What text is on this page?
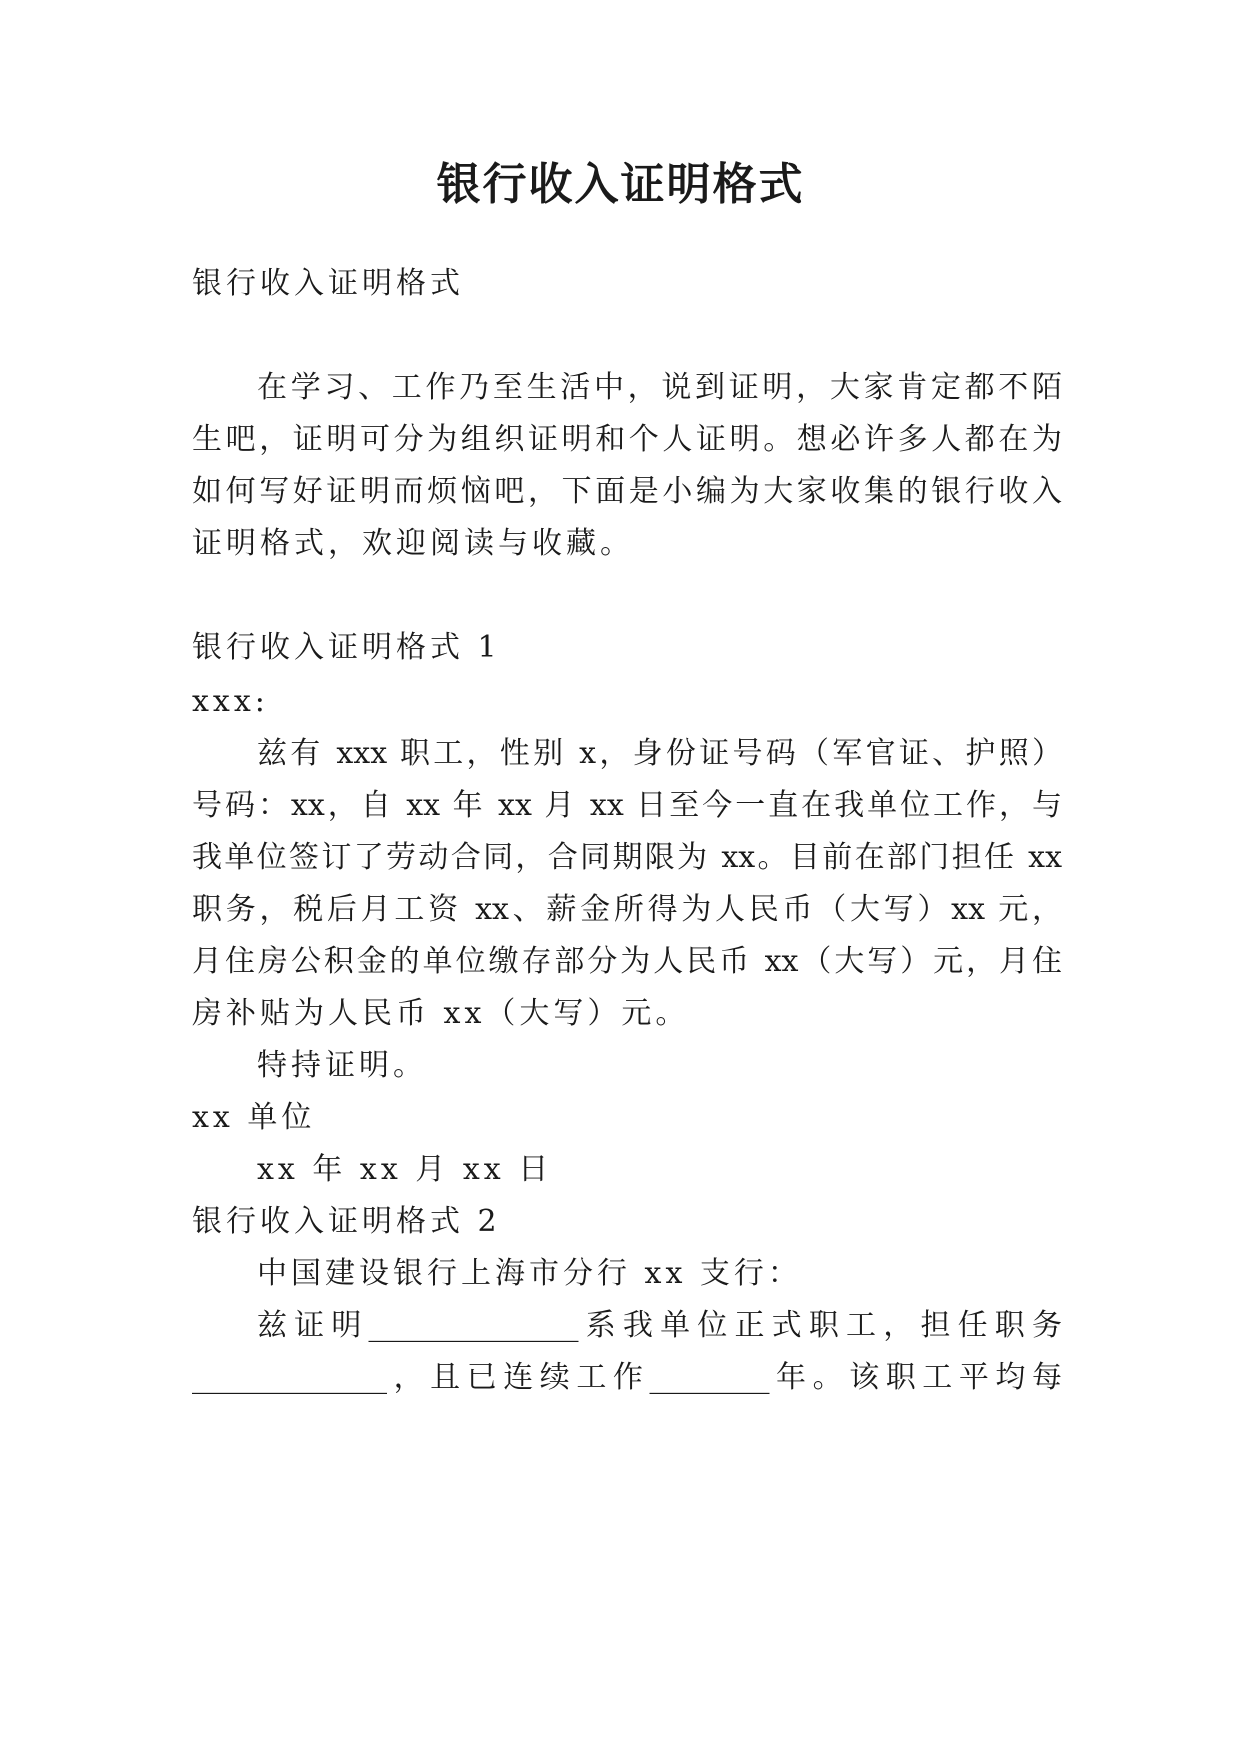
银行收入证明格式

银行收入证明格式

在学习、工作乃至生活中，说到证明，大家肯定都不陌

生吧，证明可分为组织证明和个人证明。想必许多人都在为

如何写好证明而烦恼吧，下面是小编为大家收集的银行收入

证明格式，欢迎阅读与收藏。

银行收入证明格式 1

xxx:

兹有 xxx 职工，性别 x，身份证号码（军官证、护照）

号码：xx，自 xx 年 xx 月 xx 日至今一直在我单位工作，与

我单位签订了劳动合同，合同期限为 xx。目前在部门担任 xx

职务，税后月工资 xx、薪金所得为人民币（大写）xx 元，

月住房公积金的单位缴存部分为人民币 xx（大写）元，月住

房补贴为人民币 xx（大写）元。

特持证明。

xx 单位

xx 年 xx 月 xx 日

银行收入证明格式 2

中国建设银行上海市分行 xx 支行：

兹证明______________系我单位正式职工，担任职务

_____________，且已连续工作________年。该职工平均每
